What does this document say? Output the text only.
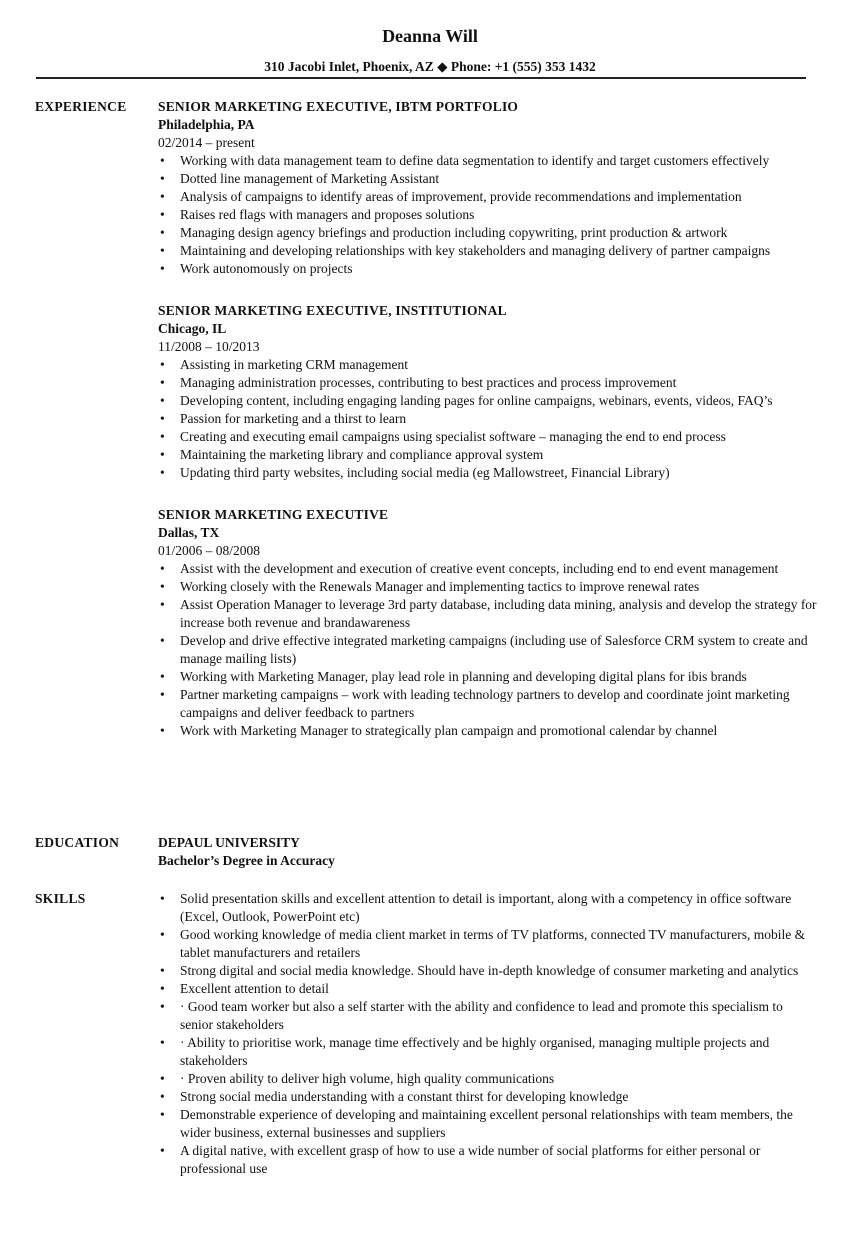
Deanna Will
310 Jacobi Inlet, Phoenix, AZ ◆ Phone: +1 (555) 353 1432
EXPERIENCE SENIOR MARKETING EXECUTIVE, IBTM PORTFOLIO
Philadelphia, PA
02/2014 – present
• Working with data management team to define data segmentation to identify and target customers effectively
• Dotted line management of Marketing Assistant
• Analysis of campaigns to identify areas of improvement, provide recommendations and implementation
• Raises red flags with managers and proposes solutions
• Managing design agency briefings and production including copywriting, print production & artwork
• Maintaining and developing relationships with key stakeholders and managing delivery of partner campaigns
• Work autonomously on projects
SENIOR MARKETING EXECUTIVE, INSTITUTIONAL
Chicago, IL
11/2008 – 10/2013
• Assisting in marketing CRM management
• Managing administration processes, contributing to best practices and process improvement
• Developing content, including engaging landing pages for online campaigns, webinars, events, videos, FAQ’s
• Passion for marketing and a thirst to learn
• Creating and executing email campaigns using specialist software – managing the end to end process
• Maintaining the marketing library and compliance approval system
• Updating third party websites, including social media (eg Mallowstreet, Financial Library)
SENIOR MARKETING EXECUTIVE
Dallas, TX
01/2006 – 08/2008
• Assist with the development and execution of creative event concepts, including end to end event management
• Working closely with the Renewals Manager and implementing tactics to improve renewal rates
• Assist Operation Manager to leverage 3rd party database, including data mining, analysis and develop the strategy for increase both revenue and brandawareness
• Develop and drive effective integrated marketing campaigns (including use of Salesforce CRM system to create and manage mailing lists)
• Working with Marketing Manager, play lead role in planning and developing digital plans for ibis brands
• Partner marketing campaigns – work with leading technology partners to develop and coordinate joint marketing campaigns and deliver feedback to partners
• Work with Marketing Manager to strategically plan campaign and promotional calendar by channel
EDUCATION	DEPAUL UNIVERSITY
Bachelor’s Degree in Accuracy
SKILLS
•	Solid presentation skills and excellent attention to detail is important, along with a competency in office software (Excel, Outlook, PowerPoint etc)
• Good working knowledge of media client market in terms of TV platforms, connected TV manufacturers, mobile & tablet manufacturers and retailers
• Strong digital and social media knowledge. Should have in-depth knowledge of consumer marketing and analytics
• Excellent attention to detail
• · Good team worker but also a self starter with the ability and confidence to lead and promote this specialism to senior stakeholders
• · Ability to prioritise work, manage time effectively and be highly organised, managing multiple projects and stakeholders
• · Proven ability to deliver high volume, high quality communications
• Strong social media understanding with a constant thirst for developing knowledge
• Demonstrable experience of developing and maintaining excellent personal relationships with team members, the wider business, external businesses and suppliers
• A digital native, with excellent grasp of how to use a wide number of social platforms for either personal or professional use
